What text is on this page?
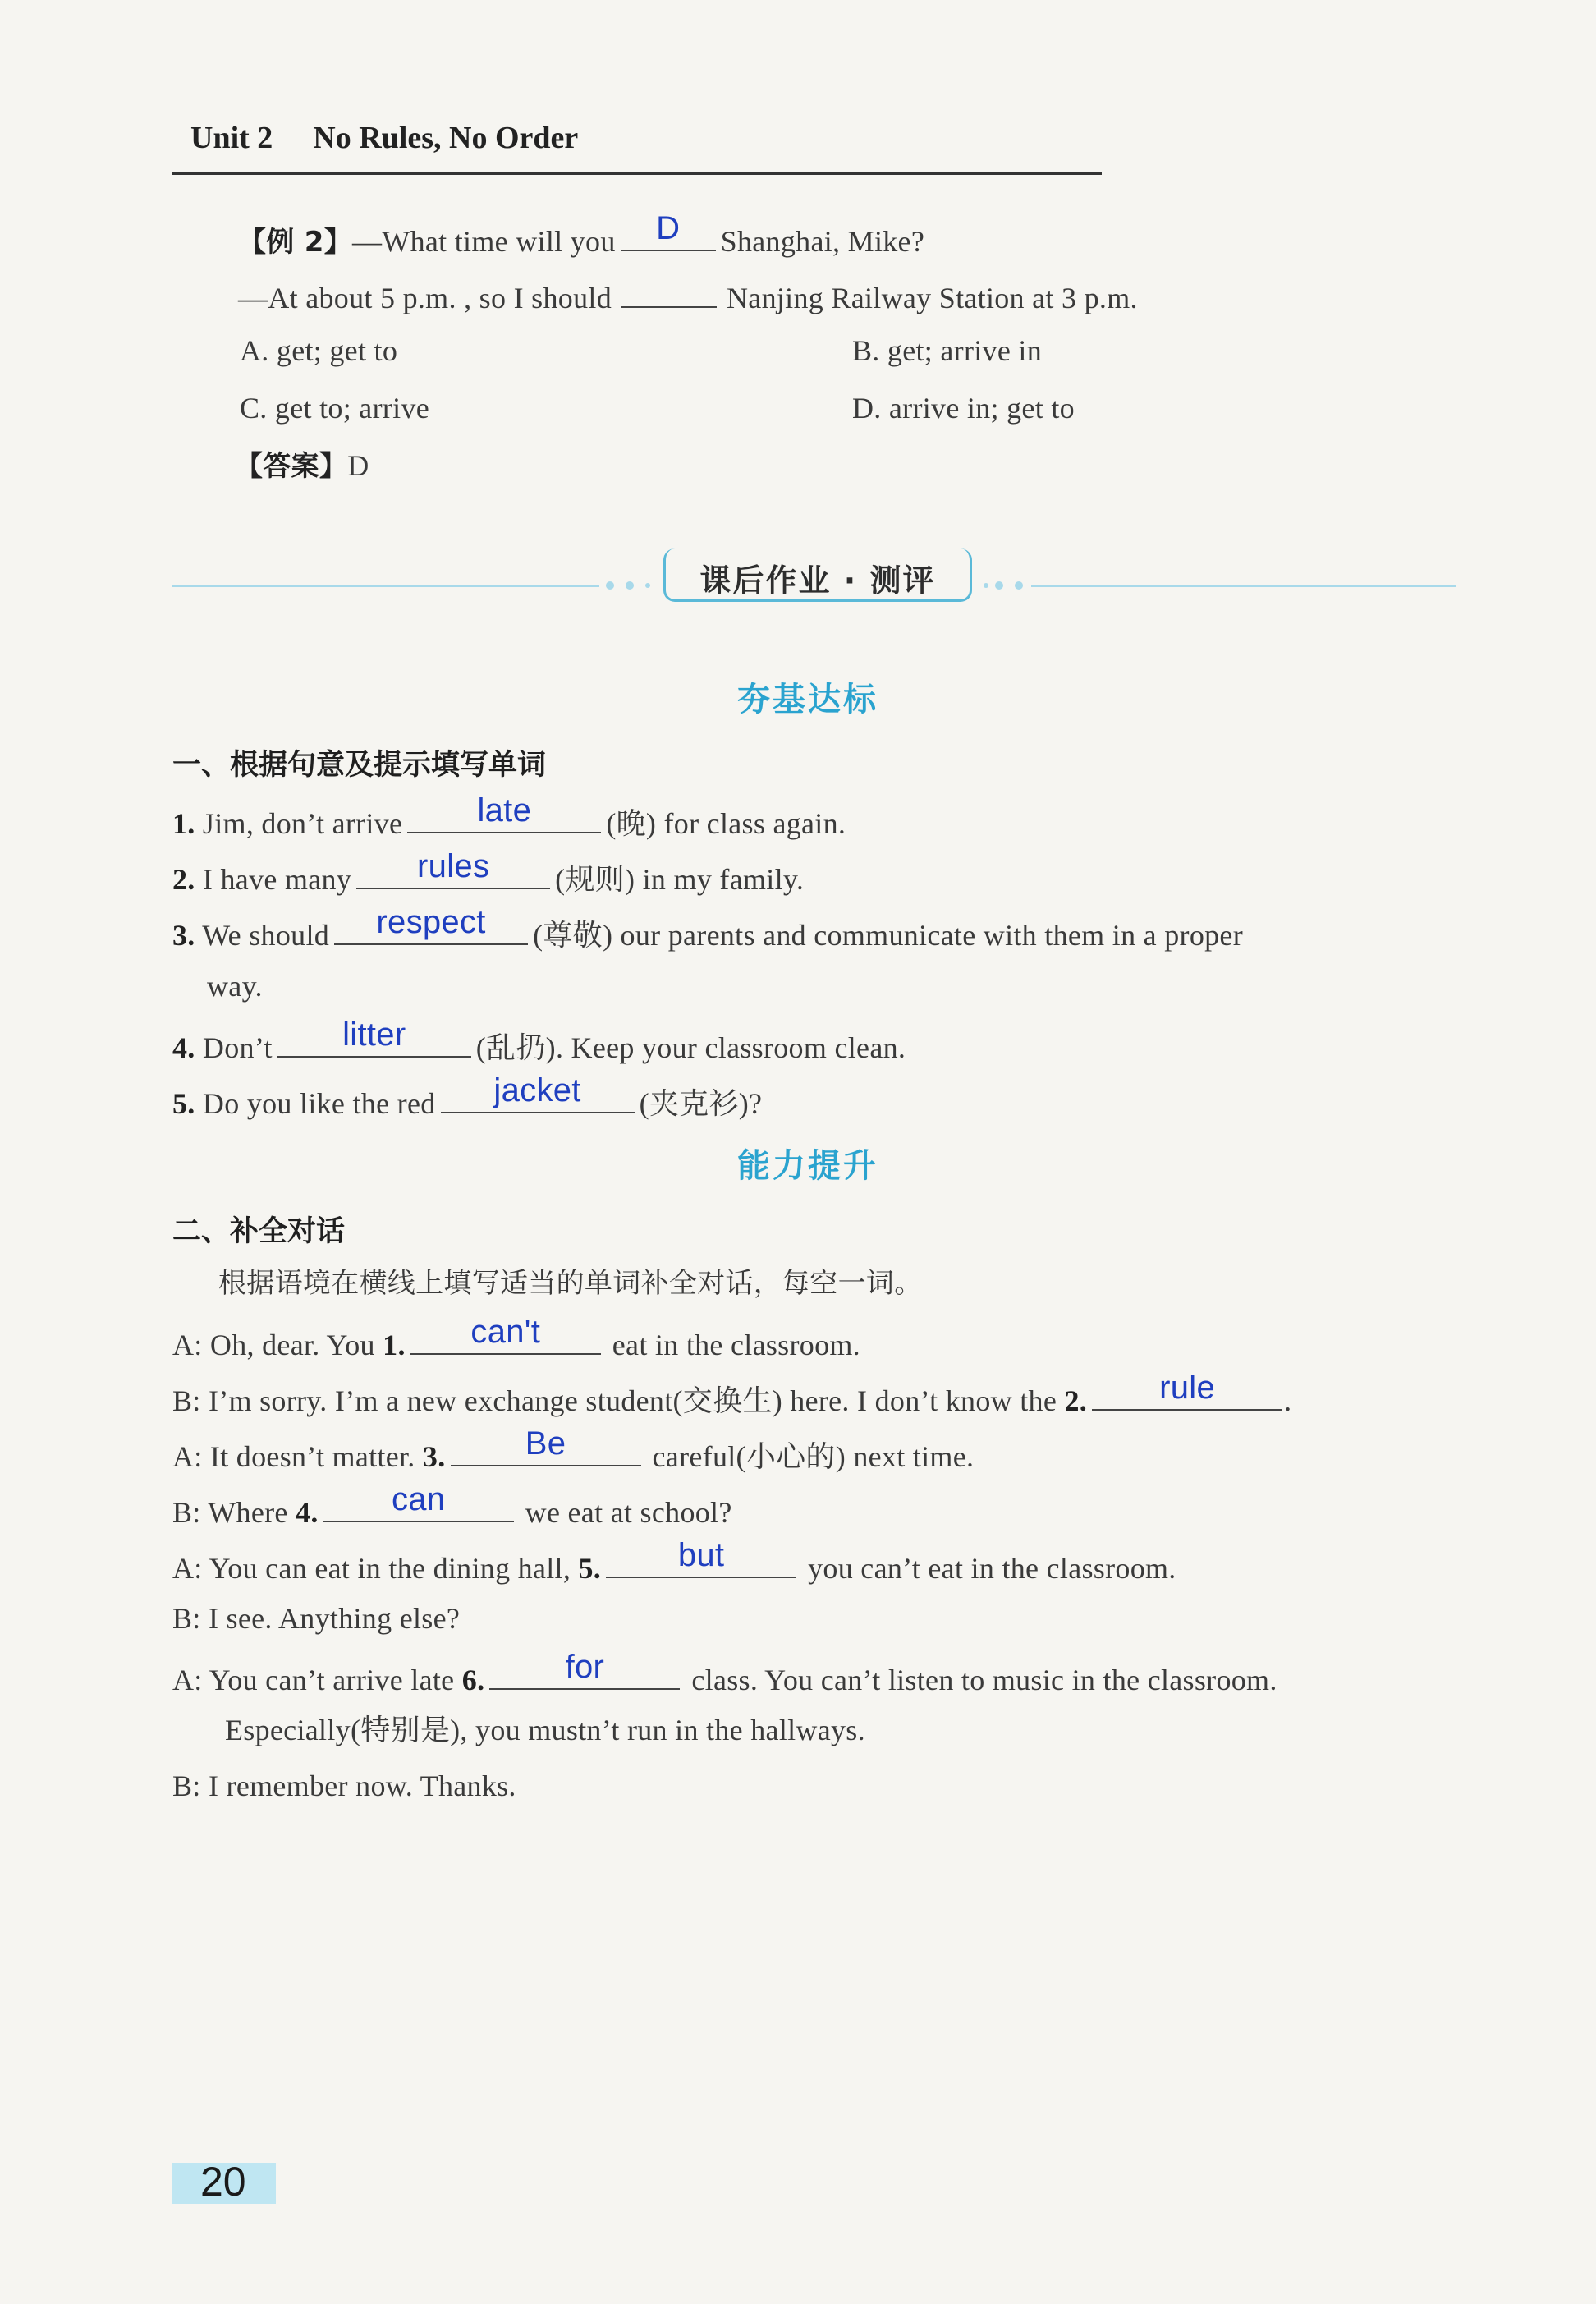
Unit 2 No Rules, No Order
【例 2】—What time will you	D	Shanghai, Mike?
—At about 5 p.m. , so I should	Nanjing Railway Station at 3 p.m.
A. get; get to	B. get; arrive in
C. get to; arrive	D. arrive in; get to
【答案】D
课后作业 · 测评
夯基达标
一、根据句意及提示填写单词
1. Jim, don’t arrive	late	(晚) for class again.
2. I have many	rules	(规则) in my family.
3. We should	respect	(尊敬) our parents and communicate with them in a proper
way.
4. Don’t	litter	(乱扔). Keep your classroom clean.
5. Do you like the red	jacket	(夹克衫)?
能力提升
二、补全对话
根据语境在横线上填写适当的单词补全对话，每空一词。
A: Oh, dear. You 1.	can't	eat in the classroom.
B: I’m sorry. I’m a new exchange student(交换生) here. I don’t know the 2.	rule	.
A: It doesn’t matter. 3.	Be	careful(小心的) next time.
B: Where 4.	can	we eat at school?
A: You can eat in the dining hall, 5.	but	you can’t eat in the classroom.
B: I see. Anything else?
A: You can’t arrive late 6.	for	class. You can’t listen to music in the classroom.
Especially(特别是), you mustn’t run in the hallways.
B: I remember now. Thanks.
20
